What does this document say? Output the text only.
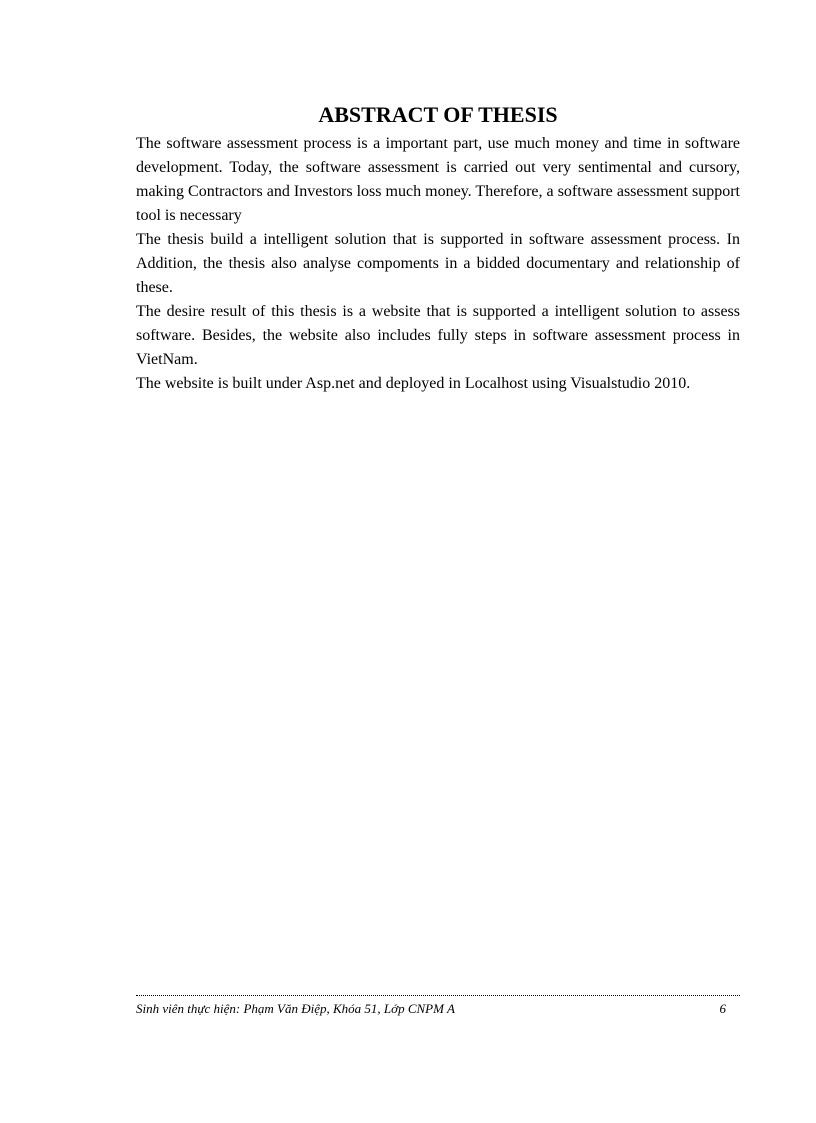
ABSTRACT OF THESIS

The software assessment process is a important part, use much money and time in software development. Today, the software assessment is carried out very sentimental and cursory, making Contractors and Investors loss much money. Therefore, a software assessment support tool is necessary

The thesis build a intelligent solution that is supported in software assessment process. In Addition, the thesis also analyse compoments in a bidded documentary and relationship of these.

The desire result of this thesis is a website that is supported a intelligent solution to assess software. Besides, the website also includes fully steps in software assessment process in VietNam.

The website is built under Asp.net and deployed in Localhost using Visualstudio 2010.

Sinh viên thực hiện: Phạm Văn Điệp, Khóa 51, Lớp CNPM A	6
